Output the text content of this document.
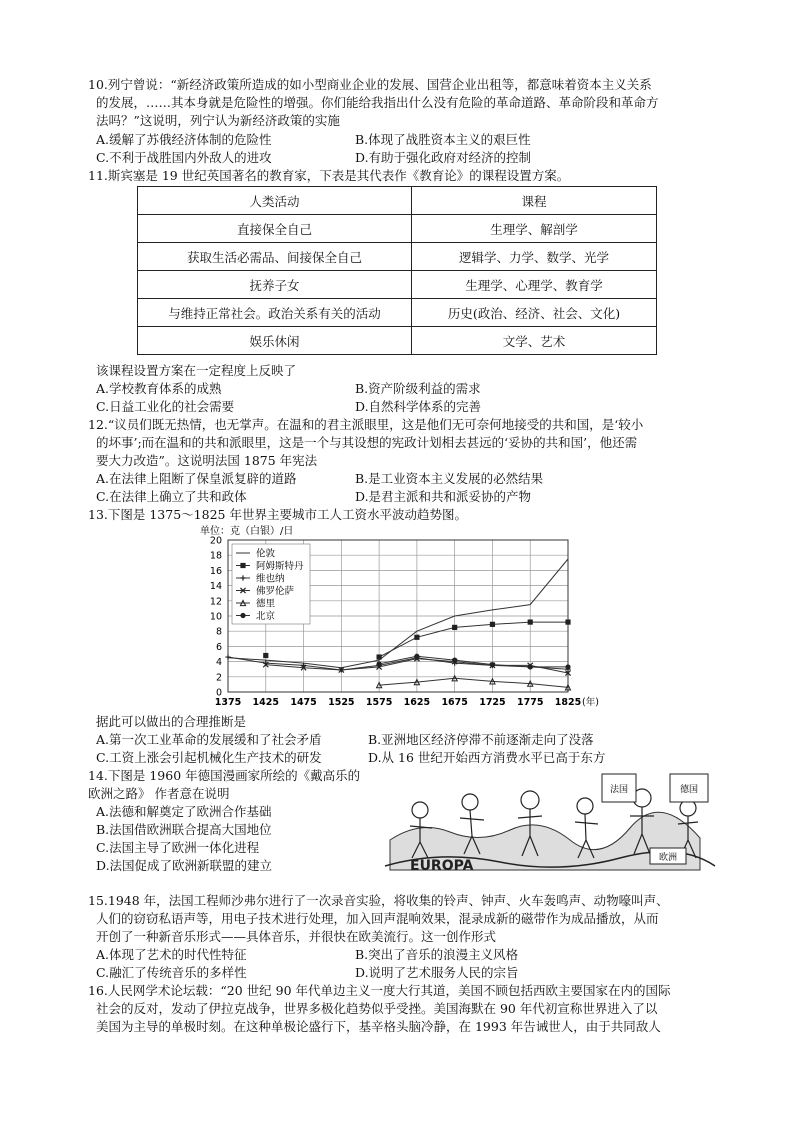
10.列宁曾说：“新经济政策所造成的如小型商业企业的发展、国营企业出租等，都意味着资本主义关系
的发展，……其本身就是危险性的增强。你们能给我指出什么没有危险的革命道路、革命阶段和革命方
法吗？”这说明，列宁认为新经济政策的实施
A.缓解了苏俄经济体制的危险性	B.体现了战胜资本主义的艰巨性
C.不利于战胜国内外敌人的进攻	D.有助于强化政府对经济的控制
11.斯宾塞是 19 世纪英国著名的教育家，下表是其代表作《教育论》的课程设置方案。
人类活动	课程
直接保全自己	生理学、解剖学
获取生活必需品、间接保全自己	逻辑学、力学、数学、光学
抚养子女	生理学、心理学、教育学
与维持正常社会。政治关系有关的活动	历史(政治、经济、社会、文化)
娱乐休闲	文学、艺术
该课程设置方案在一定程度上反映了
A.学校教育体系的成熟	B.资产阶级利益的需求
C.日益工业化的社会需要	D.自然科学体系的完善
12.“议员们既无热情，也无掌声。在温和的君主派眼里，这是他们无可奈何地接受的共和国，是‘较小
的坏事’;而在温和的共和派眼里，这是一个与其设想的宪政计划相去甚远的‘妥协的共和国’，他还需
要大力改造”。这说明法国 1875 年宪法
A.在法律上阻断了保皇派复辟的道路	B.是工业资本主义发展的必然结果
C.在法律上确立了共和政体	D.是君主派和共和派妥协的产物
13.下图是 1375～1825 年世界主要城市工人工资水平波动趋势图。
单位：克（白银）/日
0
2
4
6
8
10
12
14
16
18
20
1375 1425 1475 1525 1575 1625 1675 1725 1775 1825 (年)
伦敦
阿姆斯特丹
维也纳
佛罗伦萨
德里
北京
据此可以做出的合理推断是
A.第一次工业革命的发展缓和了社会矛盾	B.亚洲地区经济停滞不前逐渐走向了没落
C.工资上涨会引起机械化生产技术的研发	D.从 16 世纪开始西方消费水平已高于东方
14.下图是 1960 年德国漫画家所绘的《戴高乐的
欧洲之路》 作者意在说明
A.法德和解奠定了欧洲合作基础
B.法国借欧洲联合提高大国地位
C.法国主导了欧洲一体化进程
D.法国促成了欧洲新联盟的建立
法国	德国
欧洲
EUROPA
15.1948 年，法国工程师沙弗尔进行了一次录音实验，将收集的铃声、钟声、火车轰鸣声、动物嚎叫声、
人们的窃窃私语声等，用电子技术进行处理，加入回声混响效果，混录成新的磁带作为成品播放，从而
开创了一种新音乐形式——具体音乐，并很快在欧美流行。这一创作形式
A.体现了艺术的时代性特征	B.突出了音乐的浪漫主义风格
C.融汇了传统音乐的多样性	D.说明了艺术服务人民的宗旨
16.人民网学术论坛载：“20 世纪 90 年代单边主义一度大行其道，美国不顾包括西欧主要国家在内的国际
社会的反对，发动了伊拉克战争，世界多极化趋势似乎受挫。美国海默在 90 年代初宣称世界进入了以
美国为主导的单极时刻。在这种单极论盛行下，基辛格头脑冷静，在 1993 年告诫世人，由于共同敌人
